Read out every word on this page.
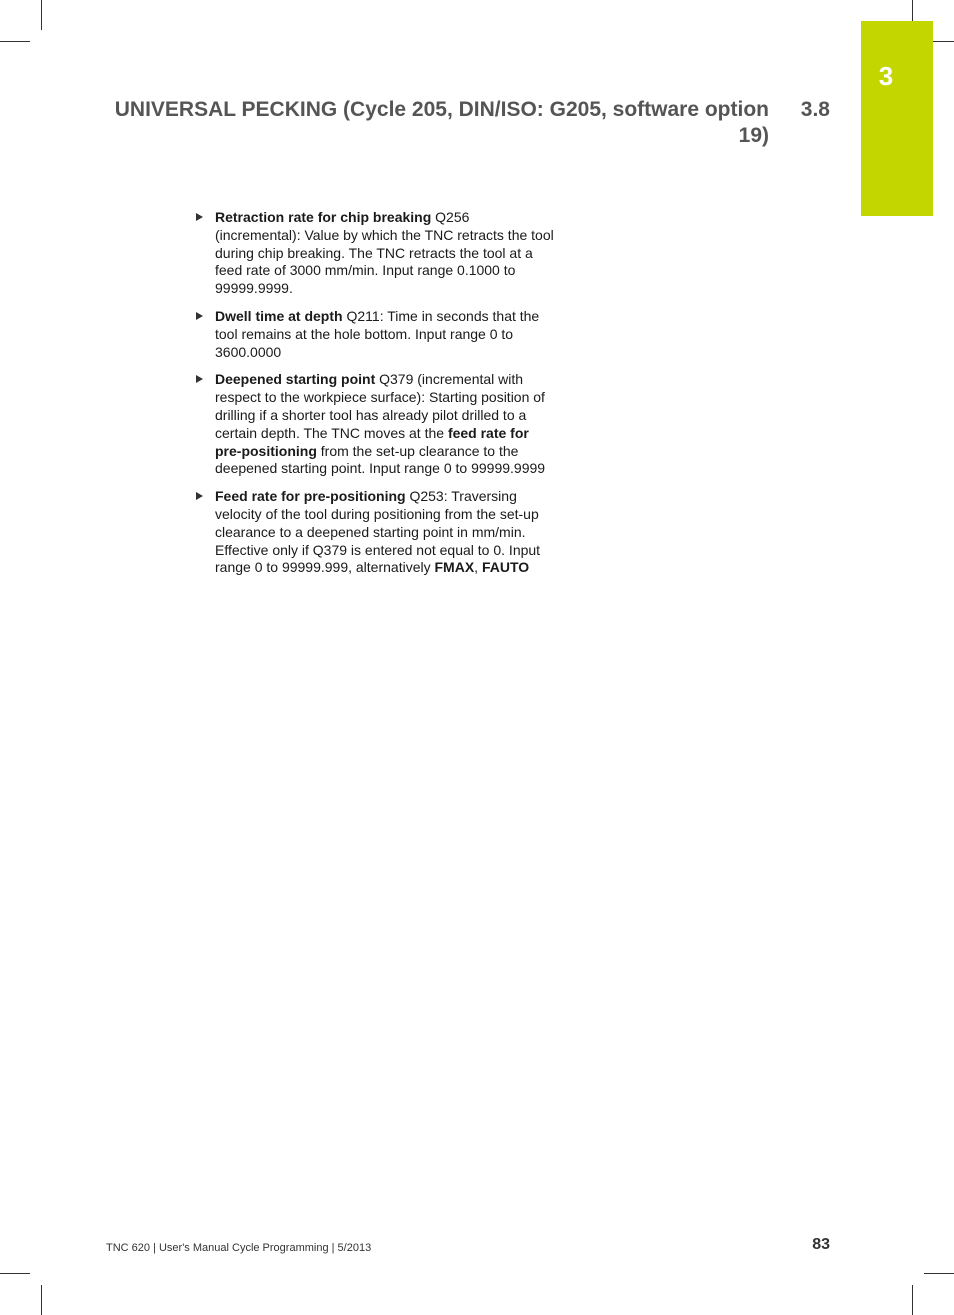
3
UNIVERSAL PECKING (Cycle 205, DIN/ISO: G205, software option 19)
3.8
Retraction rate for chip breaking Q256 (incremental): Value by which the TNC retracts the tool during chip breaking. The TNC retracts the tool at a feed rate of 3000 mm/min. Input range 0.1000 to 99999.9999.
Dwell time at depth Q211: Time in seconds that the tool remains at the hole bottom. Input range 0 to 3600.0000
Deepened starting point Q379 (incremental with respect to the workpiece surface): Starting position of drilling if a shorter tool has already pilot drilled to a certain depth. The TNC moves at the feed rate for pre-positioning from the set-up clearance to the deepened starting point. Input range 0 to 99999.9999
Feed rate for pre-positioning Q253: Traversing velocity of the tool during positioning from the set-up clearance to a deepened starting point in mm/min. Effective only if Q379 is entered not equal to 0. Input range 0 to 99999.999, alternatively FMAX, FAUTO
TNC 620 | User's Manual Cycle Programming | 5/2013	83
